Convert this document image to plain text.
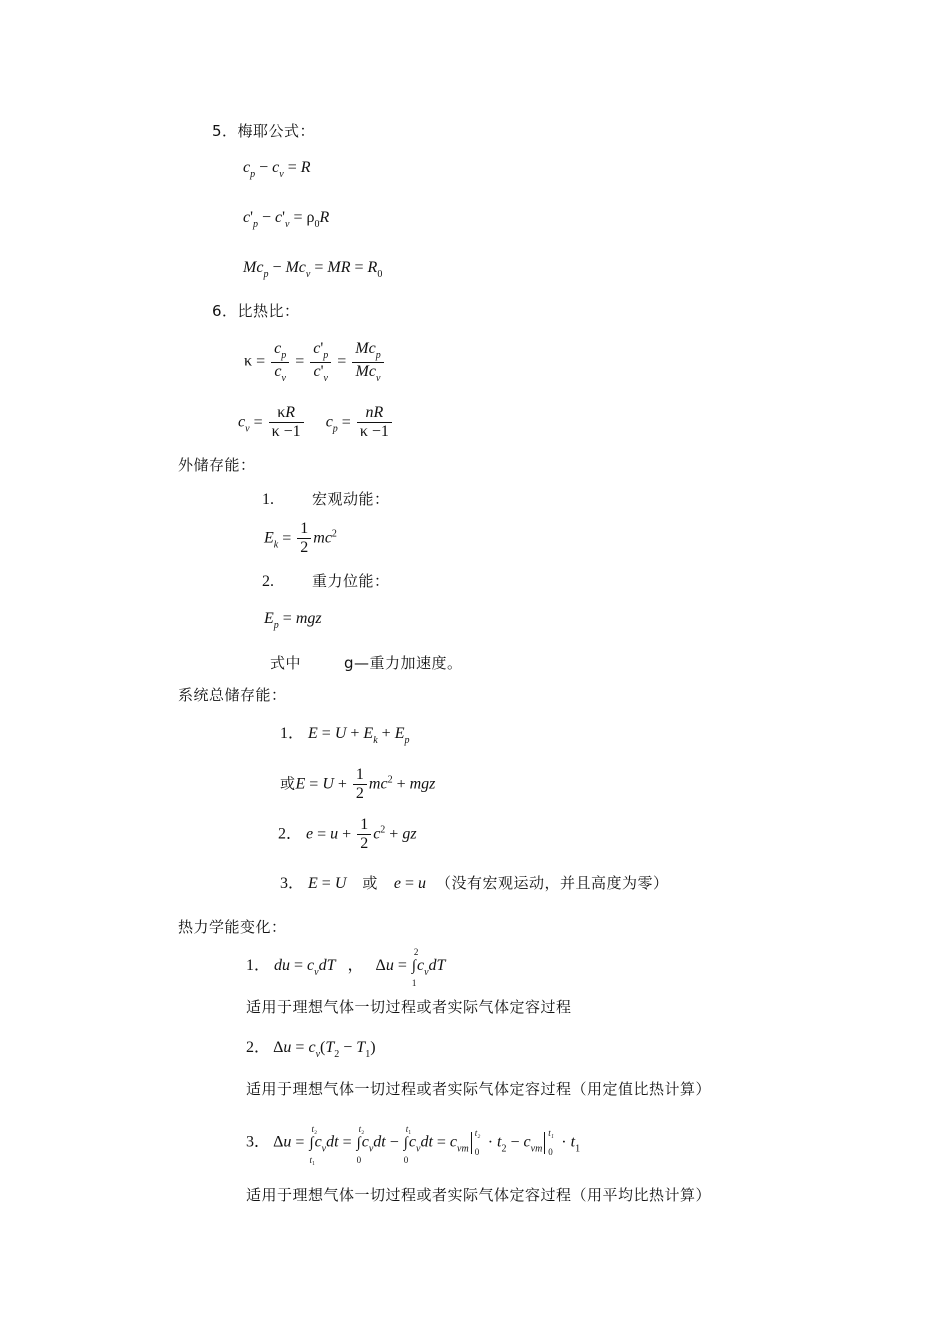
5．梅耶公式：
$c_p - c_v = R$
$c'_p - c'_v = \rho_0R$
$Mc_p - Mc_v$ = MR = $R_0$
6．比热比：
$\kappa = \frac{c_p}{c_v} = \frac{c'_p}{c'_v} = \frac{Mc_p}{Mc_v}$
$c_v = \frac{\kappa R}{\kappa -1} c_p = \frac{nR}{\kappa -1}$
外储存能：
1.	宏观动能：
$E_k = \frac{1}{2} mc^2$
2.	重力位能：
$E_p$ = mgz
式中	g—重力加速度。
系统总储存能：
1． $E = U + E_k + E_p$
或$E = U + \frac{1}{2} mc^2$ + mgz
2． $e = u + \frac{1}{2} c^2$ + gz
3． E = U 或 e = u （没有宏观运动，并且高度为零）
热力学能变化：
1． du = $c_vdT$ ， Δu = ∫
2
1
$c_vdT$
适用于理想气体一切过程或者实际气体定容过程
2． $\Delta u = c_v(T_2 - T_1)$
适用于理想气体一切过程或者实际气体定容过程（用定值比热计算）
3． Δu = ∫
t₂
t₁
$c_vdt$ = ∫
t₂
0
$c_vdt$ − ∫
t₁
0
$c_vdt = c_{vm}$
t₂
0
· $t_2 - c_{vm}$
t₁
0
· $t_1$
适用于理想气体一切过程或者实际气体定容过程（用平均比热计算）
